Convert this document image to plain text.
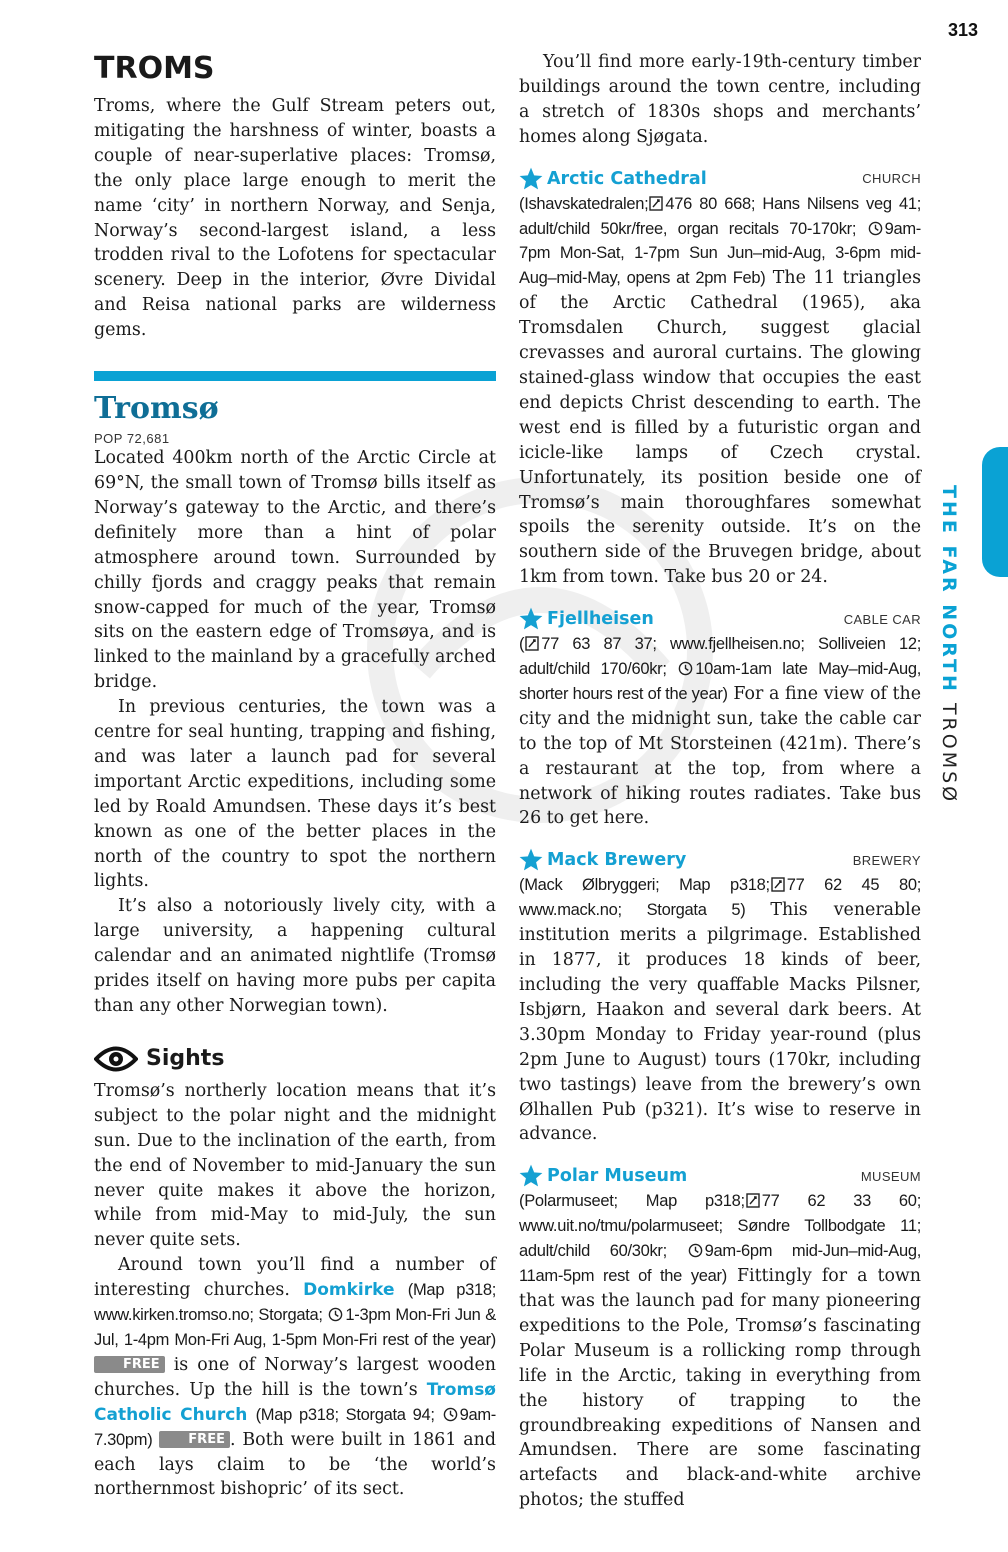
313
THE FAR NORTH TROMSØ
TROMS

Troms, where the Gulf Stream peters out, mitigating the harshness of winter, boasts a couple of near-superlative places: Tromsø, the only place large enough to merit the name ‘city’ in northern Norway, and Senja, Norway’s second-largest island, a less trodden rival to the Lofotens for spectacular scenery. Deep in the interior, Øvre Dividal and Reisa national parks are wilderness gems.

Tromsø
POP 72,681

Located 400km north of the Arctic Circle at 69°N, the small town of Tromsø bills itself as Norway’s gateway to the Arctic, and there’s definitely more than a hint of polar atmosphere around town. Surrounded by chilly fjords and craggy peaks that remain snow-capped for much of the year, Tromsø sits on the eastern edge of Tromsøya, and is linked to the mainland by a gracefully arched bridge.

In previous centuries, the town was a centre for seal hunting, trapping and fishing, and was later a launch pad for several important Arctic expeditions, including some led by Roald Amundsen. These days it’s best known as one of the better places in the north of the country to spot the northern lights.

It’s also a notoriously lively city, with a large university, a happening cultural calendar and an animated nightlife (Tromsø prides itself on having more pubs per capita than any other Norwegian town).

Sights

Tromsø’s northerly location means that it’s subject to the polar night and the midnight sun. Due to the inclination of the earth, from the end of November to mid-January the sun never quite makes it above the horizon, while from mid-May to mid-July, the sun never quite sets.

Around town you’ll find a number of interesting churches. Domkirke (Map p318; www.kirken.tromso.no; Storgata; 1-3pm Mon-Fri Jun & Jul, 1-4pm Mon-Fri Aug, 1-5pm Mon-Fri rest of the year) FREE is one of Norway’s largest wooden churches. Up the hill is the town’s Tromsø Catholic Church (Map p318; Storgata 94; 9am-7.30pm)	FREE . Both were built in 1861 and each lays claim to be ‘the world’s northernmost bishopric’ of its sect.

You’ll find more early-19th-century timber buildings around the town centre, including a stretch of 1830s shops and merchants’ homes along Sjøgata.

Arctic Cathedral	CHURCH

(Ishavskatedralen; 476 80 668; Hans Nilsens veg 41; adult/child 50kr/free, organ recitals 70-170kr; 9am-7pm Mon-Sat, 1-7pm Sun Jun–mid-Aug, 3-6pm mid-Aug–mid-May, opens at 2pm Feb) The 11 triangles of the Arctic Cathedral (1965), aka Tromsdalen Church, suggest glacial crevasses and auroral curtains. The glowing stained-glass window that occupies the east end depicts Christ descending to earth. The west end is filled by a futuristic organ and icicle-like lamps of Czech crystal. Unfortunately, its position beside one of Tromsø’s main thoroughfares somewhat spoils the serenity outside. It’s on the southern side of the Bruvegen bridge, about 1km from town. Take bus 20 or 24.

Fjellheisen	CABLE CAR

( 77 63 87 37; www.fjellheisen.no; Solliveien 12; adult/child 170/60kr; 10am-1am late May–mid-Aug, shorter hours rest of the year) For a fine view of the city and the midnight sun, take the cable car to the top of Mt Storsteinen (421m). There’s a restaurant at the top, from where a network of hiking routes radiates. Take bus 26 to get here.

Mack Brewery	BREWERY

(Mack Ølbryggeri; Map p318; 77 62 45 80; www.mack.no; Storgata 5) This venerable institution merits a pilgrimage. Established in 1877, it produces 18 kinds of beer, including the very quaffable Macks Pilsner, Isbjørn, Haakon and several dark beers. At 3.30pm Monday to Friday year-round (plus 2pm June to August) tours (170kr, including two tastings) leave from the brewery’s own Ølhallen Pub (p321). It’s wise to reserve in advance.

Polar Museum	MUSEUM

(Polarmuseet; Map p318; 77 62 33 60; www.uit.no/tmu/polarmuseet; Søndre Tollbodgate 11; adult/child 60/30kr; 9am-6pm mid-Jun–mid-Aug, 11am-5pm rest of the year) Fittingly for a town that was the launch pad for many pioneering expeditions to the Pole, Tromsø’s fascinating Polar Museum is a rollicking romp through life in the Arctic, taking in everything from the history of trapping to the groundbreaking expeditions of Nansen and Amundsen. There are some fascinating artefacts and black-and-white archive photos; the stuffed
